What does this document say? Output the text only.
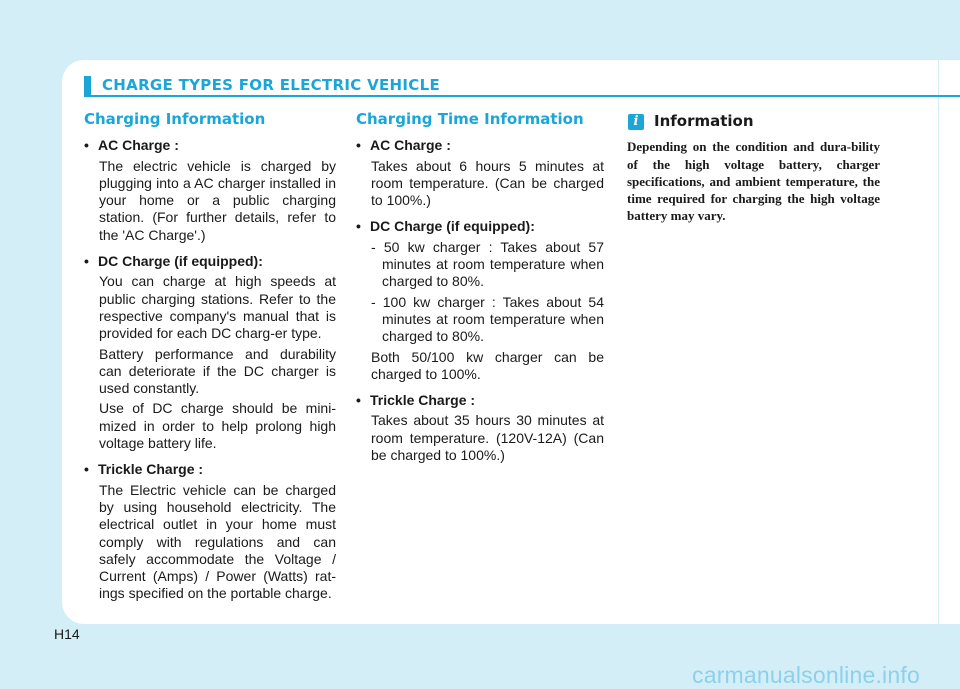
CHARGE TYPES FOR ELECTRIC VEHICLE
Charging Information
• AC Charge :
The electric vehicle is charged by plugging into a AC charger installed in your home or a public charging station. (For further details, refer to the 'AC Charge'.)
• DC Charge (if equipped):
You can charge at high speeds at public charging stations. Refer to the respective company's manual that is provided for each DC charg-er type.
Battery performance and durability can deteriorate if the DC charger is used constantly.
Use of DC charge should be mini-mized in order to help prolong high voltage battery life.
• Trickle Charge :
The Electric vehicle can be charged by using household electricity. The electrical outlet in your home must comply with regulations and can safely accommodate the Voltage / Current (Amps) / Power (Watts) rat-ings specified on the portable charge.
Charging Time Information
• AC Charge :
Takes about 6 hours 5 minutes at room temperature. (Can be charged to 100%.)
• DC Charge (if equipped):
- 50 kw charger : Takes about 57 minutes at room temperature when charged to 80%.
- 100 kw charger : Takes about 54 minutes at room temperature when charged to 80%.
Both 50/100 kw charger can be charged to 100%.
• Trickle Charge :
Takes about 35 hours 30 minutes at room temperature. (120V-12A) (Can be charged to 100%.)
i	Information
Depending on the condition and dura-bility of the high voltage battery, charger specifications, and ambient temperature, the time required for charging the high voltage battery may vary.
H14
carmanualsonline.info
